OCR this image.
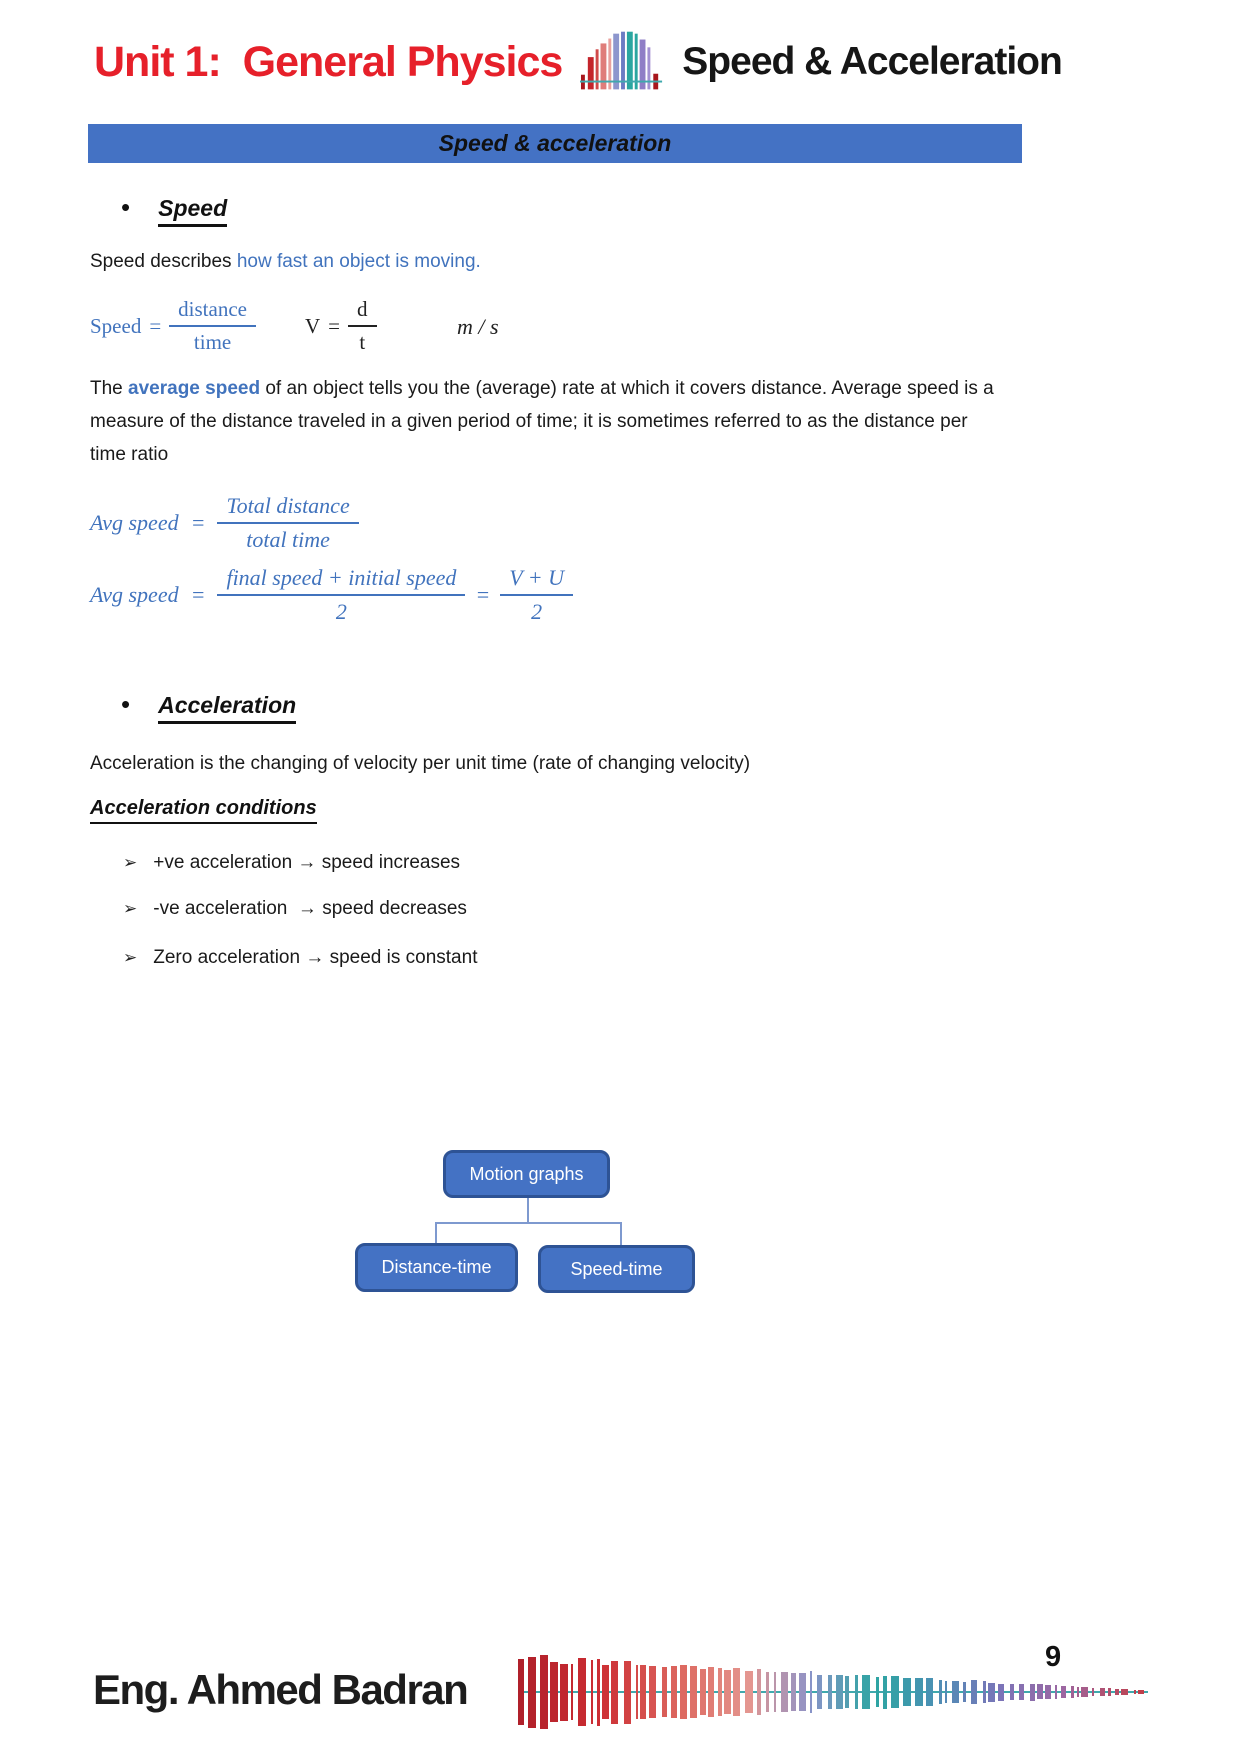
Unit 1:  General Physics	Speed & Acceleration
Speed & acceleration
• Speed
Speed describes how fast an object is moving.
Speed = $\frac{\text{distance}}{\text{time}}$ $V = \frac{d}{t}$	m / s
The average speed of an object tells you the (average) rate at which it covers distance. Average speed is a
measure of the distance traveled in a given period of time; it is sometimes referred to as the distance per
time ratio
Avg speed = $\frac{\text{Total distance}}{\text{total time}}$
Avg speed = $\frac{\text{final speed + initial speed}}{2} = \frac{V + U}{2}$
• Acceleration
Acceleration is the changing of velocity per unit time (rate of changing velocity)
Acceleration conditions
➢ +ve acceleration → speed increases
➢ -ve acceleration  → speed decreases
➢ Zero acceleration → speed is constant
Motion graphs
Distance-time	Speed-time
Eng. Ahmed Badran
9
